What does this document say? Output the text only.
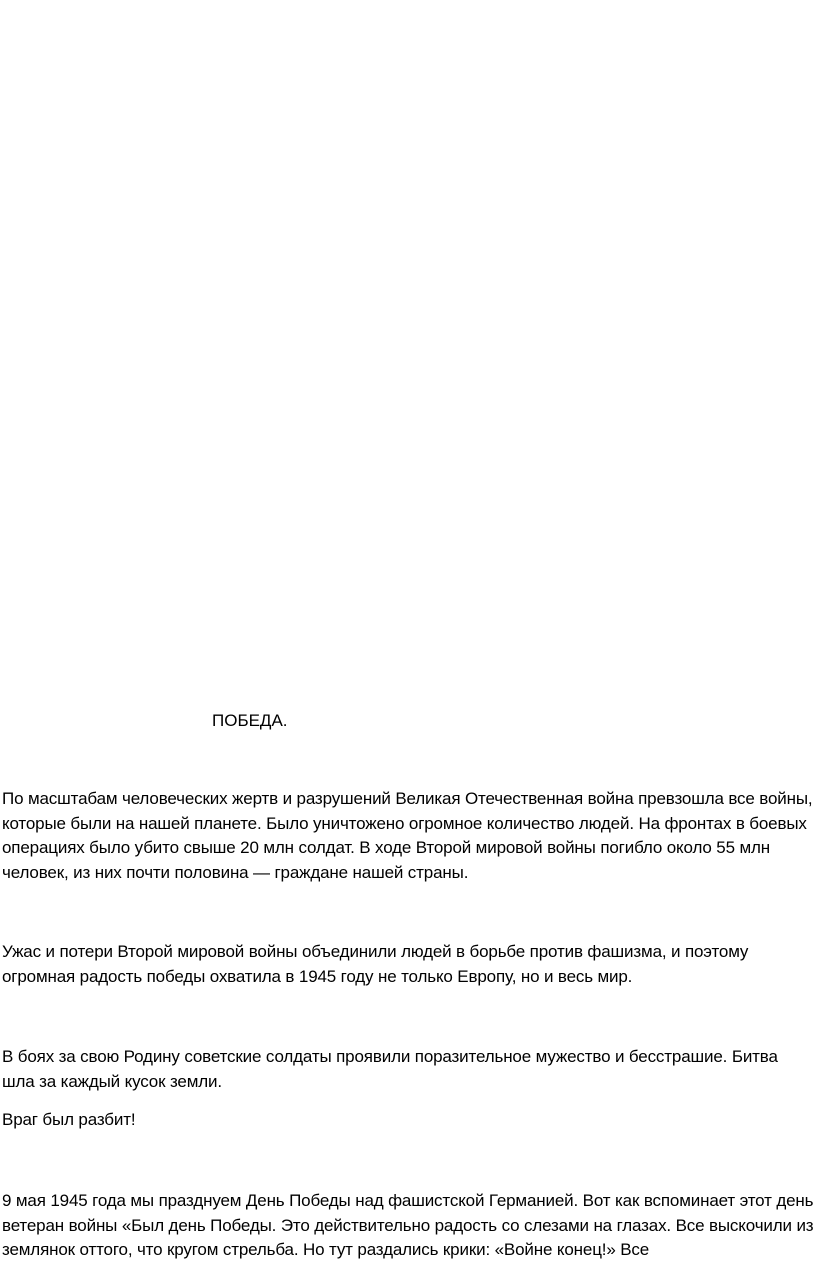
ПОБЕДА.

По масштабам человеческих жертв и разрушений Великая Отечественная война превзошла все войны, которые были на нашей планете. Было уничтожено огромное количество людей. На фронтах в боевых операциях было убито свыше 20 млн солдат. В ходе Второй мировой войны погибло около 55 млн человек, из них почти половина — граждане нашей страны.

Ужас и потери Второй мировой войны объединили людей в борьбе против фашизма, и поэтому огромная радость победы охватила в 1945 году не только Европу, но и весь мир.

В боях за свою Родину советские солдаты проявили поразительное мужество и бесстрашие. Битва шла за каждый кусок земли.

Враг был разбит!

9 мая 1945 года мы празднуем День Победы над фашистской Германией. Вот как вспоминает этот день ветеран войны «Был день Победы. Это действительно радость со слезами на глазах. Все выскочили из землянок оттого, что кругом стрельба. Но тут раздались крики: «Войне конец!» Все
